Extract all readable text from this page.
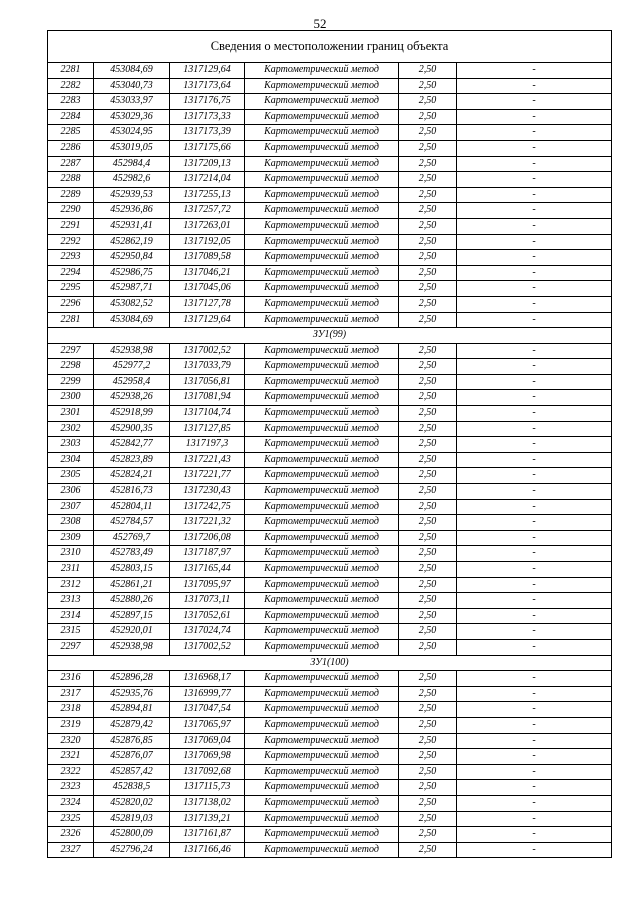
52
Сведения о местоположении границ объекта					
2281	453084,69	1317129,64	Картометрический метод	2,50	-
2282	453040,73	1317173,64	Картометрический метод	2,50	-
2283	453033,97	1317176,75	Картометрический метод	2,50	-
2284	453029,36	1317173,33	Картометрический метод	2,50	-
2285	453024,95	1317173,39	Картометрический метод	2,50	-
2286	453019,05	1317175,66	Картометрический метод	2,50	-
2287	452984,4	1317209,13	Картометрический метод	2,50	-
2288	452982,6	1317214,04	Картометрический метод	2,50	-
2289	452939,53	1317255,13	Картометрический метод	2,50	-
2290	452936,86	1317257,72	Картометрический метод	2,50	-
2291	452931,41	1317263,01	Картометрический метод	2,50	-
2292	452862,19	1317192,05	Картометрический метод	2,50	-
2293	452950,84	1317089,58	Картометрический метод	2,50	-
2294	452986,75	1317046,21	Картометрический метод	2,50	-
2295	452987,71	1317045,06	Картометрический метод	2,50	-
2296	453082,52	1317127,78	Картометрический метод	2,50	-
2281	453084,69	1317129,64	Картометрический метод	2,50	-
ЗУ1(99)					
2297	452938,98	1317002,52	Картометрический метод	2,50	-
2298	452977,2	1317033,79	Картометрический метод	2,50	-
2299	452958,4	1317056,81	Картометрический метод	2,50	-
2300	452938,26	1317081,94	Картометрический метод	2,50	-
2301	452918,99	1317104,74	Картометрический метод	2,50	-
2302	452900,35	1317127,85	Картометрический метод	2,50	-
2303	452842,77	1317197,3	Картометрический метод	2,50	-
2304	452823,89	1317221,43	Картометрический метод	2,50	-
2305	452824,21	1317221,77	Картометрический метод	2,50	-
2306	452816,73	1317230,43	Картометрический метод	2,50	-
2307	452804,11	1317242,75	Картометрический метод	2,50	-
2308	452784,57	1317221,32	Картометрический метод	2,50	-
2309	452769,7	1317206,08	Картометрический метод	2,50	-
2310	452783,49	1317187,97	Картометрический метод	2,50	-
2311	452803,15	1317165,44	Картометрический метод	2,50	-
2312	452861,21	1317095,97	Картометрический метод	2,50	-
2313	452880,26	1317073,11	Картометрический метод	2,50	-
2314	452897,15	1317052,61	Картометрический метод	2,50	-
2315	452920,01	1317024,74	Картометрический метод	2,50	-
2297	452938,98	1317002,52	Картометрический метод	2,50	-
ЗУ1(100)					
2316	452896,28	1316968,17	Картометрический метод	2,50	-
2317	452935,76	1316999,77	Картометрический метод	2,50	-
2318	452894,81	1317047,54	Картометрический метод	2,50	-
2319	452879,42	1317065,97	Картометрический метод	2,50	-
2320	452876,85	1317069,04	Картометрический метод	2,50	-
2321	452876,07	1317069,98	Картометрический метод	2,50	-
2322	452857,42	1317092,68	Картометрический метод	2,50	-
2323	452838,5	1317115,73	Картометрический метод	2,50	-
2324	452820,02	1317138,02	Картометрический метод	2,50	-
2325	452819,03	1317139,21	Картометрический метод	2,50	-
2326	452800,09	1317161,87	Картометрический метод	2,50	-
2327	452796,24	1317166,46	Картометрический метод	2,50	-
